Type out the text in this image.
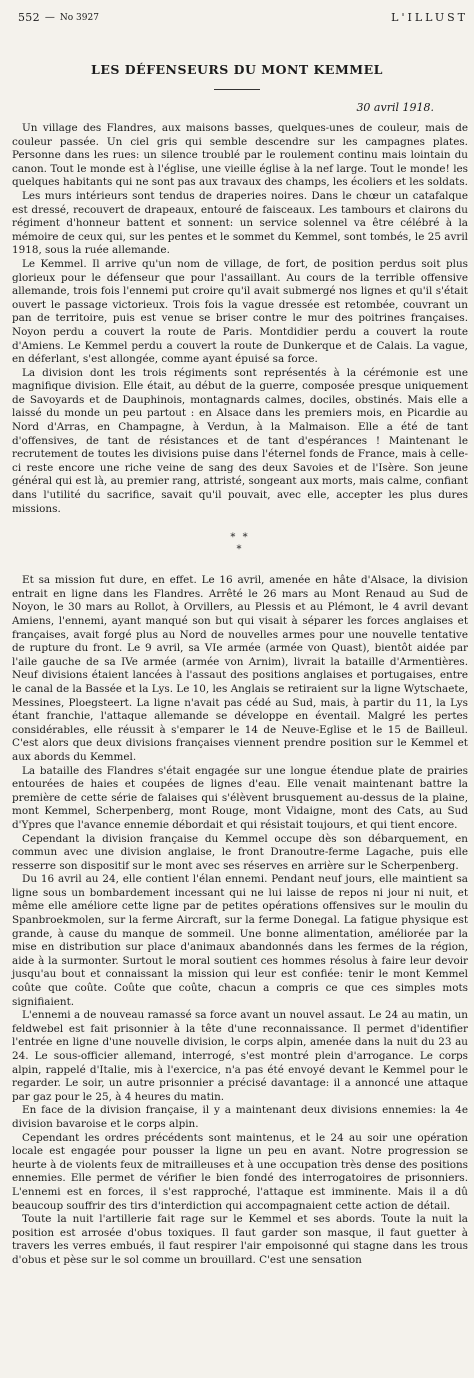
552 — No 3927	L'ILLUST
LES DÉFENSEURS DU MONT KEMMEL
30 avril 1918.

Un village des Flandres, aux maisons basses, quelques-unes de couleur, mais de couleur passée. Un ciel gris qui semble descendre sur les campagnes plates. Personne dans les rues: un silence troublé par le roulement continu mais lointain du canon. Tout le monde est à l'église, une vieille église à la nef large. Tout le monde! les quelques habitants qui ne sont pas aux travaux des champs, les écoliers et les soldats.

Les murs intérieurs sont tendus de draperies noires. Dans le chœur un catafalque est dressé, recouvert de drapeaux, entouré de faisceaux. Les tambours et clairons du régiment d'honneur battent et sonnent: un service solennel va être célébré à la mémoire de ceux qui, sur les pentes et le sommet du Kemmel, sont tombés, le 25 avril 1918, sous la ruée allemande.

Le Kemmel. Il arrive qu'un nom de village, de fort, de position perdus soit plus glorieux pour le défenseur que pour l'assaillant. Au cours de la terrible offensive allemande, trois fois l'ennemi put croire qu'il avait submergé nos lignes et qu'il s'était ouvert le passage victorieux. Trois fois la vague dressée est retombée, couvrant un pan de territoire, puis est venue se briser contre le mur des poitrines françaises. Noyon perdu a couvert la route de Paris. Montdidier perdu a couvert la route d'Amiens. Le Kemmel perdu a couvert la route de Dunkerque et de Calais. La vague, en déferlant, s'est allongée, comme ayant épuisé sa force.

La division dont les trois régiments sont représentés à la cérémonie est une magnifique division. Elle était, au début de la guerre, composée presque uniquement de Savoyards et de Dauphinois, montagnards calmes, dociles, obstinés. Mais elle a laissé du monde un peu partout : en Alsace dans les premiers mois, en Picardie au Nord d'Arras, en Champagne, à Verdun, à la Malmaison. Elle a été de tant d'offensives, de tant de résistances et de tant d'espérances ! Maintenant le recrutement de toutes les divisions puise dans l'éternel fonds de France, mais à celle-ci reste encore une riche veine de sang des deux Savoies et de l'Isère. Son jeune général qui est là, au premier rang, attristé, songeant aux morts, mais calme, confiant dans l'utilité du sacrifice, savait qu'il pouvait, avec elle, accepter les plus dures missions.

* *
*

Et sa mission fut dure, en effet. Le 16 avril, amenée en hâte d'Alsace, la division entrait en ligne dans les Flandres. Arrêté le 26 mars au Mont Renaud au Sud de Noyon, le 30 mars au Rollot, à Orvillers, au Plessis et au Plémont, le 4 avril devant Amiens, l'ennemi, ayant manqué son but qui visait à séparer les forces anglaises et françaises, avait forgé plus au Nord de nouvelles armes pour une nouvelle tentative de rupture du front. Le 9 avril, sa VIe armée (armée von Quast), bientôt aidée par l'aile gauche de sa IVe armée (armée von Arnim), livrait la bataille d'Armentières. Neuf divisions étaient lancées à l'assaut des positions anglaises et portugaises, entre le canal de la Bassée et la Lys. Le 10, les Anglais se retiraient sur la ligne Wytschaete, Messines, Ploegsteert. La ligne n'avait pas cédé au Sud, mais, à partir du 11, la Lys étant franchie, l'attaque allemande se développe en éventail. Malgré les pertes considérables, elle réussit à s'emparer le 14 de Neuve-Eglise et le 15 de Bailleul. C'est alors que deux divisions françaises viennent prendre position sur le Kemmel et aux abords du Kemmel.

La bataille des Flandres s'était engagée sur une longue étendue plate de prairies entourées de haies et coupées de lignes d'eau. Elle venait maintenant battre la première de cette série de falaises qui s'élèvent brusquement au-dessus de la plaine, mont Kemmel, Scherpenberg, mont Rouge, mont Vidaigne, mont des Cats, au Sud d'Ypres que l'avance ennemie débordait et qui résistait toujours, et qui tient encore.

Cependant la division française du Kemmel occupe dès son débarquement, en commun avec une division anglaise, le front Dranoutre-ferme Lagache, puis elle resserre son dispositif sur le mont avec ses réserves en arrière sur le Scherpenberg.

Du 16 avril au 24, elle contient l'élan ennemi. Pendant neuf jours, elle maintient sa ligne sous un bombardement incessant qui ne lui laisse de repos ni jour ni nuit, et même elle améliore cette ligne par de petites opérations offensives sur le moulin du Spanbroekmolen, sur la ferme Aircraft, sur la ferme Donegal. La fatigue physique est grande, à cause du manque de sommeil. Une bonne alimentation, améliorée par la mise en distribution sur place d'animaux abandonnés dans les fermes de la région, aide à la surmonter. Surtout le moral soutient ces hommes résolus à faire leur devoir jusqu'au bout et connaissant la mission qui leur est confiée: tenir le mont Kemmel coûte que coûte. Coûte que coûte, chacun a compris ce que ces simples mots signifiaient.

L'ennemi a de nouveau ramassé sa force avant un nouvel assaut. Le 24 au matin, un feldwebel est fait prisonnier à la tête d'une reconnaissance. Il permet d'identifier l'entrée en ligne d'une nouvelle division, le corps alpin, amenée dans la nuit du 23 au 24. Le sous-officier allemand, interrogé, s'est montré plein d'arrogance. Le corps alpin, rappelé d'Italie, mis à l'exercice, n'a pas été envoyé devant le Kemmel pour le regarder. Le soir, un autre prisonnier a précisé davantage: il a annoncé une attaque par gaz pour le 25, à 4 heures du matin.

En face de la division française, il y a maintenant deux divisions ennemies: la 4e division bavaroise et le corps alpin.

Cependant les ordres précédents sont maintenus, et le 24 au soir une opération locale est engagée pour pousser la ligne un peu en avant. Notre progression se heurte à de violents feux de mitrailleuses et à une occupation très dense des positions ennemies. Elle permet de vérifier le bien fondé des interrogatoires de prisonniers. L'ennemi est en forces, il s'est rapproché, l'attaque est imminente. Mais il a dû beaucoup souffrir des tirs d'interdiction qui accompagnaient cette action de détail.

Toute la nuit l'artillerie fait rage sur le Kemmel et ses abords. Toute la nuit la position est arrosée d'obus toxiques. Il faut garder son masque, il faut guetter à travers les verres embués, il faut respirer l'air empoisonné qui stagne dans les trous d'obus et pèse sur le sol comme un brouillard. C'est une sensation
